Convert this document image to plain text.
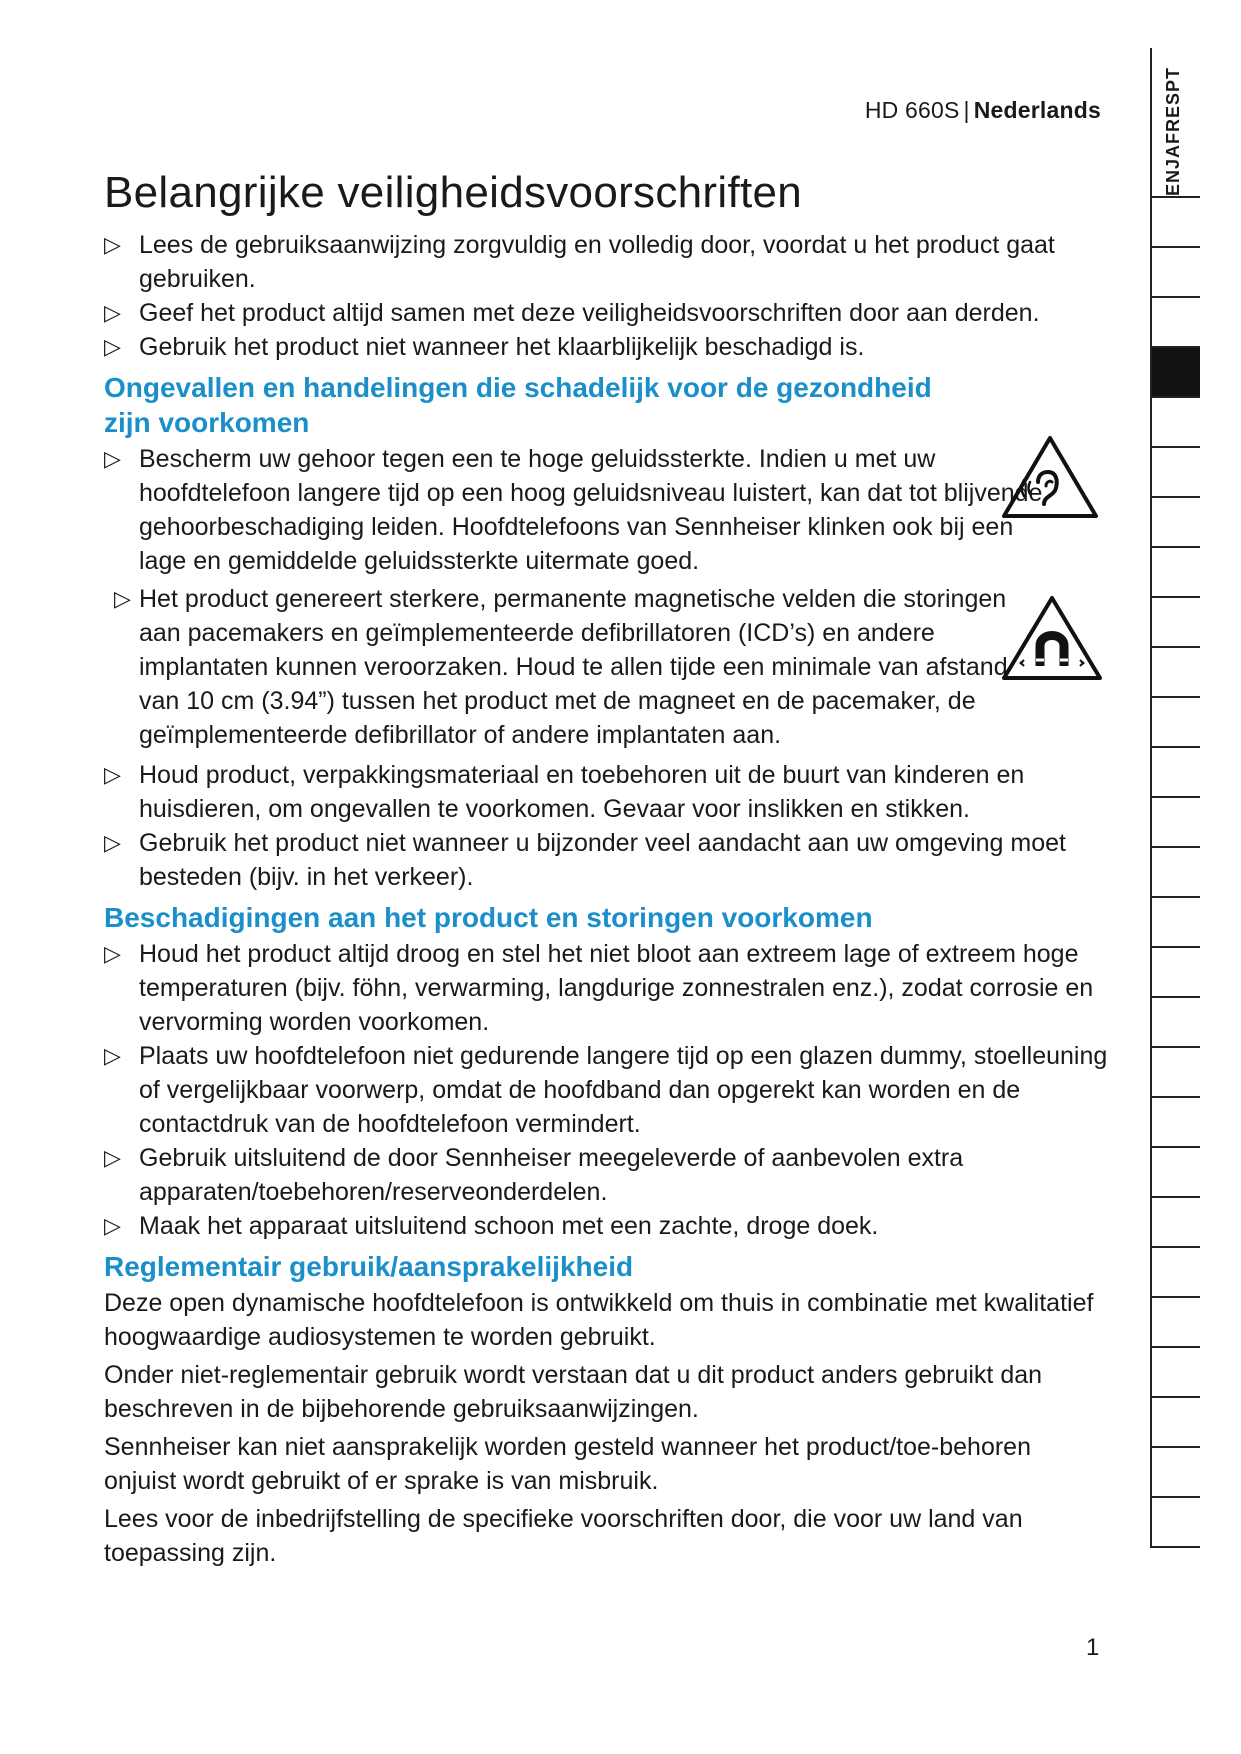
HD 660S | Nederlands
Belangrijke veiligheidsvoorschriften
▷ Lees de gebruiksaanwijzing zorgvuldig en volledig door, voordat u het product gaat gebruiken.
▷ Geef het product altijd samen met deze veiligheidsvoorschriften door aan derden.
▷ Gebruik het product niet wanneer het klaarblijkelijk beschadigd is.
Ongevallen en handelingen die schadelijk voor de gezondheid zijn voorkomen
▷ Bescherm uw gehoor tegen een te hoge geluidssterkte. Indien u met uw hoofdtelefoon langere tijd op een hoog geluidsniveau luistert, kan dat tot blijvende gehoorbeschadiging leiden. Hoofdtelefoons van Sennheiser klinken ook bij een lage en gemiddelde geluidssterkte uitermate goed.
▷ Het product genereert sterkere, permanente magnetische velden die storingen aan pacemakers en geïmplementeerde defibrillatoren (ICD’s) en andere implantaten kunnen veroorzaken. Houd te allen tijde een minimale van afstand van 10 cm (3.94”) tussen het product met de magneet en de pacemaker, de geïmplementeerde defibrillator of andere implantaten aan.
▷ Houd product, verpakkingsmateriaal en toebehoren uit de buurt van kinderen en huisdieren, om ongevallen te voorkomen. Gevaar voor inslikken en stikken.
▷ Gebruik het product niet wanneer u bijzonder veel aandacht aan uw omgeving moet besteden (bijv. in het verkeer).
Beschadigingen aan het product en storingen voorkomen
▷ Houd het product altijd droog en stel het niet bloot aan extreem lage of extreem hoge temperaturen (bijv. föhn, verwarming, langdurige zonnestralen enz.), zodat corrosie en vervorming worden voorkomen.
▷ Plaats uw hoofdtelefoon niet gedurende langere tijd op een glazen dummy, stoelleuning of vergelijkbaar voorwerp, omdat de hoofdband dan opgerekt kan worden en de contactdruk van de hoofdtelefoon vermindert.
▷ Gebruik uitsluitend de door Sennheiser meegeleverde of aanbevolen extra apparaten/toebehoren/reserveonderdelen.
▷ Maak het apparaat uitsluitend schoon met een zachte, droge doek.
Reglementair gebruik/aansprakelijkheid

Deze open dynamische hoofdtelefoon is ontwikkeld om thuis in combinatie met kwalitatief hoogwaardige audiosystemen te worden gebruikt.

Onder niet-reglementair gebruik wordt verstaan dat u dit product anders gebruikt dan beschreven in de bijbehorende gebruiksaanwijzingen.

Sennheiser kan niet aansprakelijk worden gesteld wanneer het product/toe-behoren onjuist wordt gebruikt of er sprake is van misbruik.

Lees voor de inbedrijfstelling de specifieke voorschriften door, die voor uw land van toepassing zijn.

1
ENJAFRESPT
